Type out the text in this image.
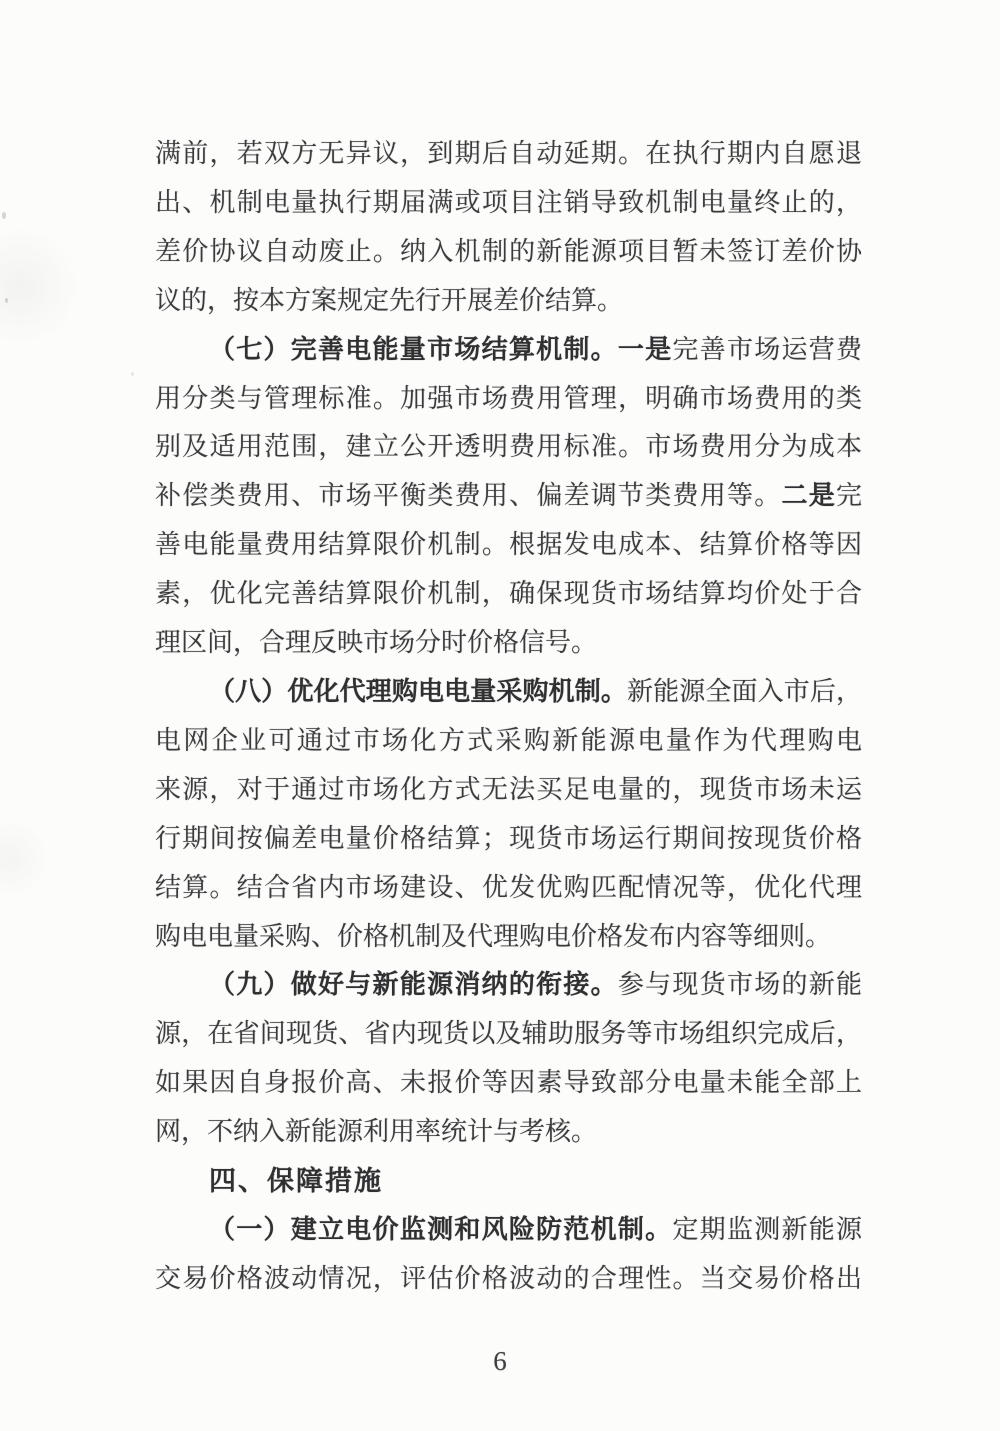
满前，若双方无异议，到期后自动延期。在执行期内自愿退
出、机制电量执行期届满或项目注销导致机制电量终止的，
差价协议自动废止。纳入机制的新能源项目暂未签订差价协
议的，按本方案规定先行开展差价结算。
（七）完善电能量市场结算机制。一是完善市场运营费
用分类与管理标准。加强市场费用管理，明确市场费用的类
别及适用范围，建立公开透明费用标准。市场费用分为成本
补偿类费用、市场平衡类费用、偏差调节类费用等。二是完
善电能量费用结算限价机制。根据发电成本、结算价格等因
素，优化完善结算限价机制，确保现货市场结算均价处于合
理区间，合理反映市场分时价格信号。
（八）优化代理购电电量采购机制。新能源全面入市后，
电网企业可通过市场化方式采购新能源电量作为代理购电
来源，对于通过市场化方式无法买足电量的，现货市场未运
行期间按偏差电量价格结算；现货市场运行期间按现货价格
结算。结合省内市场建设、优发优购匹配情况等，优化代理
购电电量采购、价格机制及代理购电价格发布内容等细则。
（九）做好与新能源消纳的衔接。参与现货市场的新能
源，在省间现货、省内现货以及辅助服务等市场组织完成后，
如果因自身报价高、未报价等因素导致部分电量未能全部上
网，不纳入新能源利用率统计与考核。
四、保障措施
（一）建立电价监测和风险防范机制。定期监测新能源
交易价格波动情况，评估价格波动的合理性。当交易价格出
6
